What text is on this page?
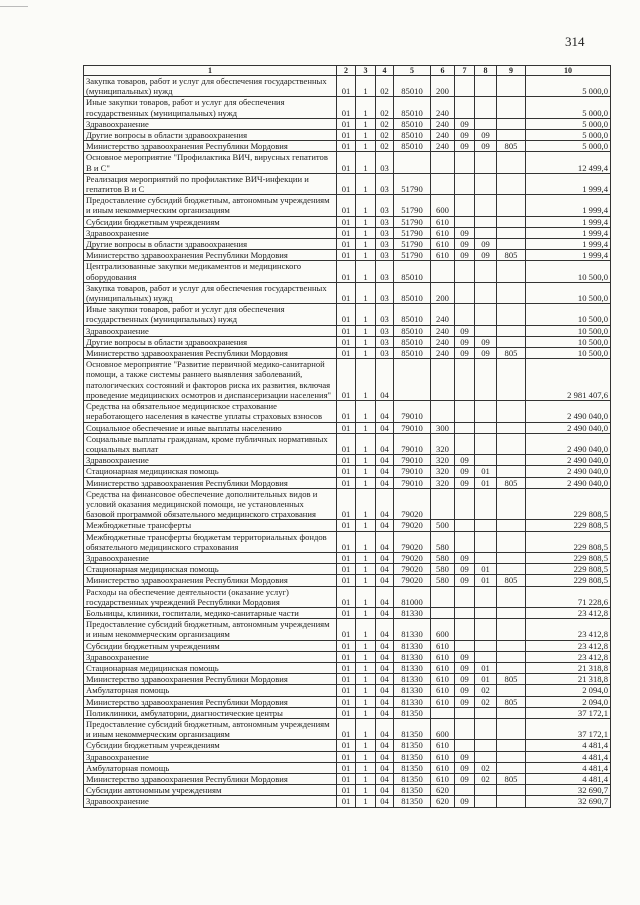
314
1	2	3	4	5	6	7	8	9	10
Закупка товаров, работ и услуг для обеспечения государственных (муниципальных) нужд	01	1	02	85010	200				5 000,0
Иные закупки товаров, работ и услуг для обеспечения государственных (муниципальных) нужд	01	1	02	85010	240				5 000,0
Здравоохранение	01	1	02	85010	240	09			5 000,0
Другие вопросы в области здравоохранения	01	1	02	85010	240	09	09		5 000,0
Министерство здравоохранения Республики Мордовия	01	1	02	85010	240	09	09	805	5 000,0
Основное мероприятие "Профилактика ВИЧ, вирусных гепатитов В и С"	01	1	03						12 499,4
Реализация мероприятий по профилактике ВИЧ-инфекции и гепатитов В и С	01	1	03	51790					1 999,4
Предоставление субсидий бюджетным, автономным учреждениям и иным некоммерческим организациям	01	1	03	51790	600				1 999,4
Субсидии бюджетным учреждениям	01	1	03	51790	610				1 999,4
Здравоохранение	01	1	03	51790	610	09			1 999,4
Другие вопросы в области здравоохранения	01	1	03	51790	610	09	09		1 999,4
Министерство здравоохранения Республики Мордовия	01	1	03	51790	610	09	09	805	1 999,4
Централизованные закупки медикаментов и медицинского оборудования	01	1	03	85010					10 500,0
Закупка товаров, работ и услуг для обеспечения государственных (муниципальных) нужд	01	1	03	85010	200				10 500,0
Иные закупки товаров, работ и услуг для обеспечения государственных (муниципальных) нужд	01	1	03	85010	240				10 500,0
Здравоохранение	01	1	03	85010	240	09			10 500,0
Другие вопросы в области здравоохранения	01	1	03	85010	240	09	09		10 500,0
Министерство здравоохранения Республики Мордовия	01	1	03	85010	240	09	09	805	10 500,0
Основное мероприятие "Развитие первичной медико-санитарной помощи, а также системы раннего выявления заболеваний, патологических состояний и факторов риска их развития, включая проведение медицинских осмотров и диспансеризации населения"	01	1	04						2 981 407,6
Средства на обязательное медицинское страхование неработающего населения в качестве уплаты страховых взносов	01	1	04	79010					2 490 040,0
Социальное обеспечение и иные выплаты населению	01	1	04	79010	300				2 490 040,0
Социальные выплаты гражданам, кроме публичных нормативных социальных выплат	01	1	04	79010	320				2 490 040,0
Здравоохранение	01	1	04	79010	320	09			2 490 040,0
Стационарная медицинская помощь	01	1	04	79010	320	09	01		2 490 040,0
Министерство здравоохранения Республики Мордовия	01	1	04	79010	320	09	01	805	2 490 040,0
Средства на финансовое обеспечение дополнительных видов и условий оказания медицинской помощи, не установленных базовой программой обязательного медицинского страхования	01	1	04	79020					229 808,5
Межбюджетные трансферты	01	1	04	79020	500				229 808,5
Межбюджетные трансферты бюджетам территориальных фондов обязательного медицинского страхования	01	1	04	79020	580				229 808,5
Здравоохранение	01	1	04	79020	580	09			229 808,5
Стационарная медицинская помощь	01	1	04	79020	580	09	01		229 808,5
Министерство здравоохранения Республики Мордовия	01	1	04	79020	580	09	01	805	229 808,5
Расходы на обеспечение деятельности (оказание услуг) государственных учреждений Республики Мордовия	01	1	04	81000					71 228,6
Больницы, клиники, госпитали, медико-санитарные части	01	1	04	81330					23 412,8
Предоставление субсидий бюджетным, автономным учреждениям и иным некоммерческим организациям	01	1	04	81330	600				23 412,8
Субсидии бюджетным учреждениям	01	1	04	81330	610				23 412,8
Здравоохранение	01	1	04	81330	610	09			23 412,8
Стационарная медицинская помощь	01	1	04	81330	610	09	01		21 318,8
Министерство здравоохранения Республики Мордовия	01	1	04	81330	610	09	01	805	21 318,8
Амбулаторная помощь	01	1	04	81330	610	09	02		2 094,0
Министерство здравоохранения Республики Мордовия	01	1	04	81330	610	09	02	805	2 094,0
Поликлиники, амбулатории, диагностические центры	01	1	04	81350					37 172,1
Предоставление субсидий бюджетным, автономным учреждениям и иным некоммерческим организациям	01	1	04	81350	600				37 172,1
Субсидии бюджетным учреждениям	01	1	04	81350	610				4 481,4
Здравоохранение	01	1	04	81350	610	09			4 481,4
Амбулаторная помощь	01	1	04	81350	610	09	02		4 481,4
Министерство здравоохранения Республики Мордовия	01	1	04	81350	610	09	02	805	4 481,4
Субсидии автономным учреждениям	01	1	04	81350	620				32 690,7
Здравоохранение	01	1	04	81350	620	09			32 690,7
